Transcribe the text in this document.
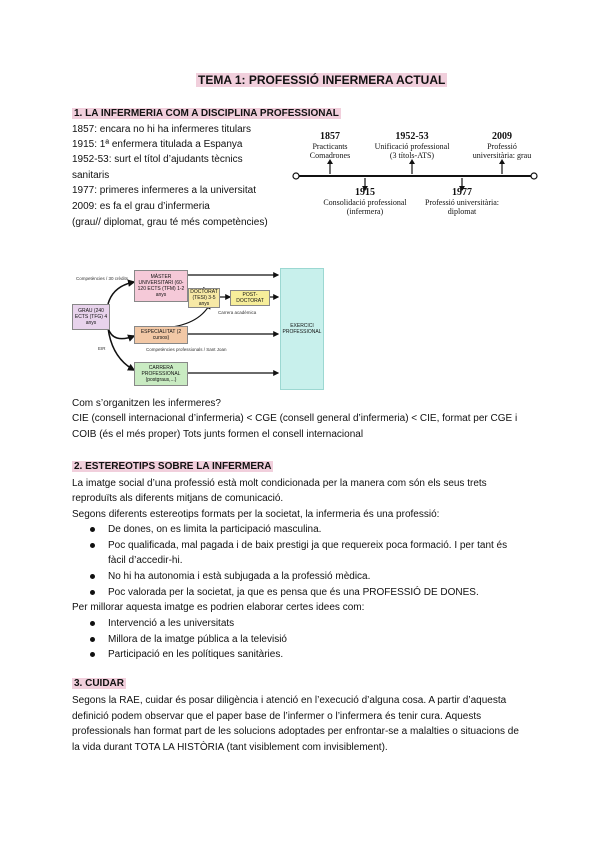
TEMA 1: PROFESSIÓ INFERMERA ACTUAL
1. LA INFERMERIA COM A DISCIPLINA PROFESSIONAL
1857: encara no hi ha infermeres titulars
1915: 1ª enfermera titulada a Espanya
1952-53: surt el títol d’ajudants tècnics
sanitaris
1977: primeres infermeres a la universitat
2009: es fa el grau d’infermeria
(grau// diplomat, grau té més competències)
1857
Practicants
Comadrones
1952-53
Unificació professional
(3 títols-ATS)
2009
Professió
universitària: grau
1915
Consolidació professional
(infermera)
1977
Professió universitària:
diplomat
GRAU (240 ECTS (TFG) 4 anys
MÀSTER UNIVERSITARI (60-120 ECTS (TFM) 1-2 anys	DOCTORAT (TESI) 3-5 anys
POST-DOCTORAT
ESPECIALITAT (2 cursos)
CARRERA PROFESSIONAL (postgraus,...)
EXERCICI PROFESSIONAL
Competències / 30 crèdits
Carrera acadèmica
Competències professionals / Sant Joan
EIR
Com s’organitzen les infermeres?
CIE (consell internacional d’infermeria) < CGE (consell general d’infermeria) < CIE, format per CGE i
COIB (és el més proper) Tots junts formen el consell internacional
2. ESTEREOTIPS SOBRE LA INFERMERA
La imatge social d’una professió està molt condicionada per la manera com són els seus trets
reproduïts als diferents mitjans de comunicació.
Segons diferents estereotips formats per la societat, la infermeria és una professió:
De dones, on es limita la participació masculina.
Poc qualificada, mal pagada i de baix prestigi ja que requereix poca formació. I per tant és
fàcil d’accedir-hi.
No hi ha autonomia i està subjugada a la professió mèdica.
Poc valorada per la societat, ja que es pensa que és una PROFESSIÓ DE DONES.
Per millorar aquesta imatge es podrien elaborar certes idees com:
Intervenció a les universitats
Millora de la imatge pública a la televisió
Participació en les polítiques sanitàries.
3. CUIDAR
Segons la RAE, cuidar és posar diligència i atenció en l’execució d’alguna cosa. A partir d’aquesta
definició podem observar que el paper base de l’infermer o l’infermera és tenir cura. Aquests
professionals han format part de les solucions adoptades per enfrontar-se a malalties o situacions de
la vida durant TOTA LA HISTÒRIA (tant visiblement com invisiblement).
